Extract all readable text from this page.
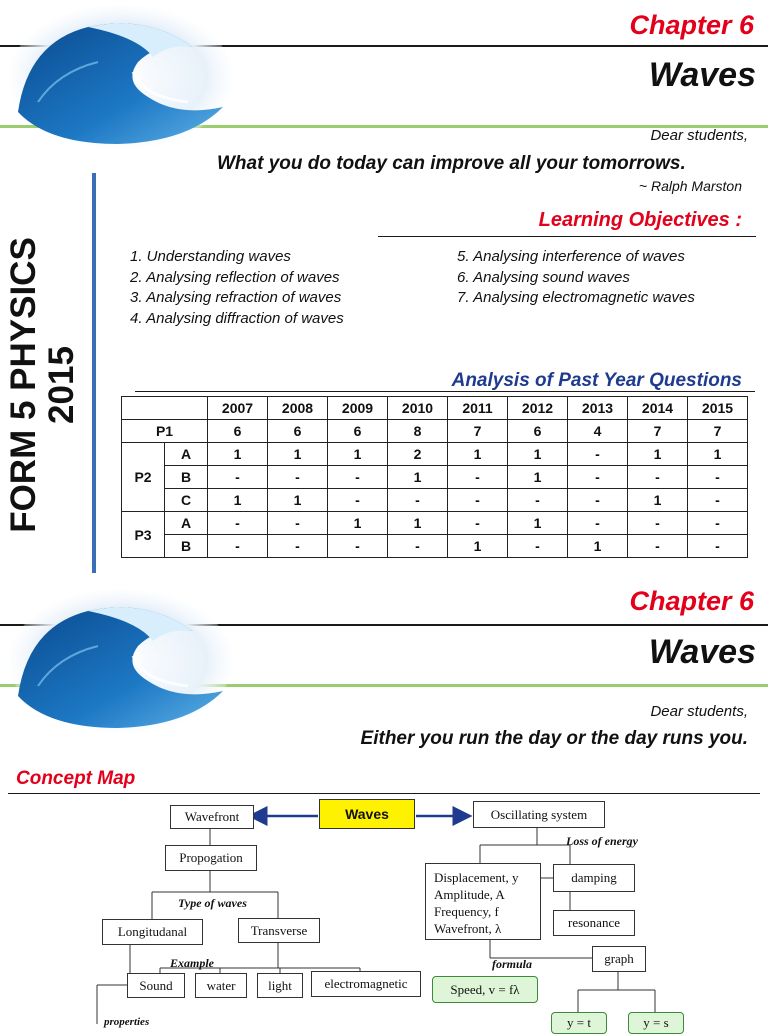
Chapter 6
Waves
Dear students,
What you do today can improve all your tomorrows.
~ Ralph Marston
FORM 5 PHYSICS 2015
Learning Objectives :
1. Understanding waves
2. Analysing reflection of waves
3. Analysing refraction of waves
4. Analysing diffraction of waves
5. Analysing interference of waves
6. Analysing sound waves
7. Analysing electromagnetic waves
Analysis of Past Year Questions
		2007	2008	2009	2010	2011	2012	2013	2014	2015
P1		6	6	6	8	7	6	4	7	7
P2	A	1	1	1	2	1	1	-	1	1
	B	-	-	-	1	-	1	-	-	-
	C	1	1	-	-	-	-	-	1	-
P3	A	-	-	1	1	-	1	-	-	-
	B	-	-	-	-	1	-	1	-	-
Chapter 6
Waves
Dear students,
Either you run the day or the day runs you.
Concept Map
Waves
Wavefront	Oscillating system
Loss of energy
Propogation
Type of waves
Longitudanal	Transverse
Example
Sound	water	light	electromagnetic
properties
Displacement, y
Amplitude, A
Frequency, f
Wavefront, λ
damping
resonance
formula	graph
Speed, v = fλ
y = t	y = s
